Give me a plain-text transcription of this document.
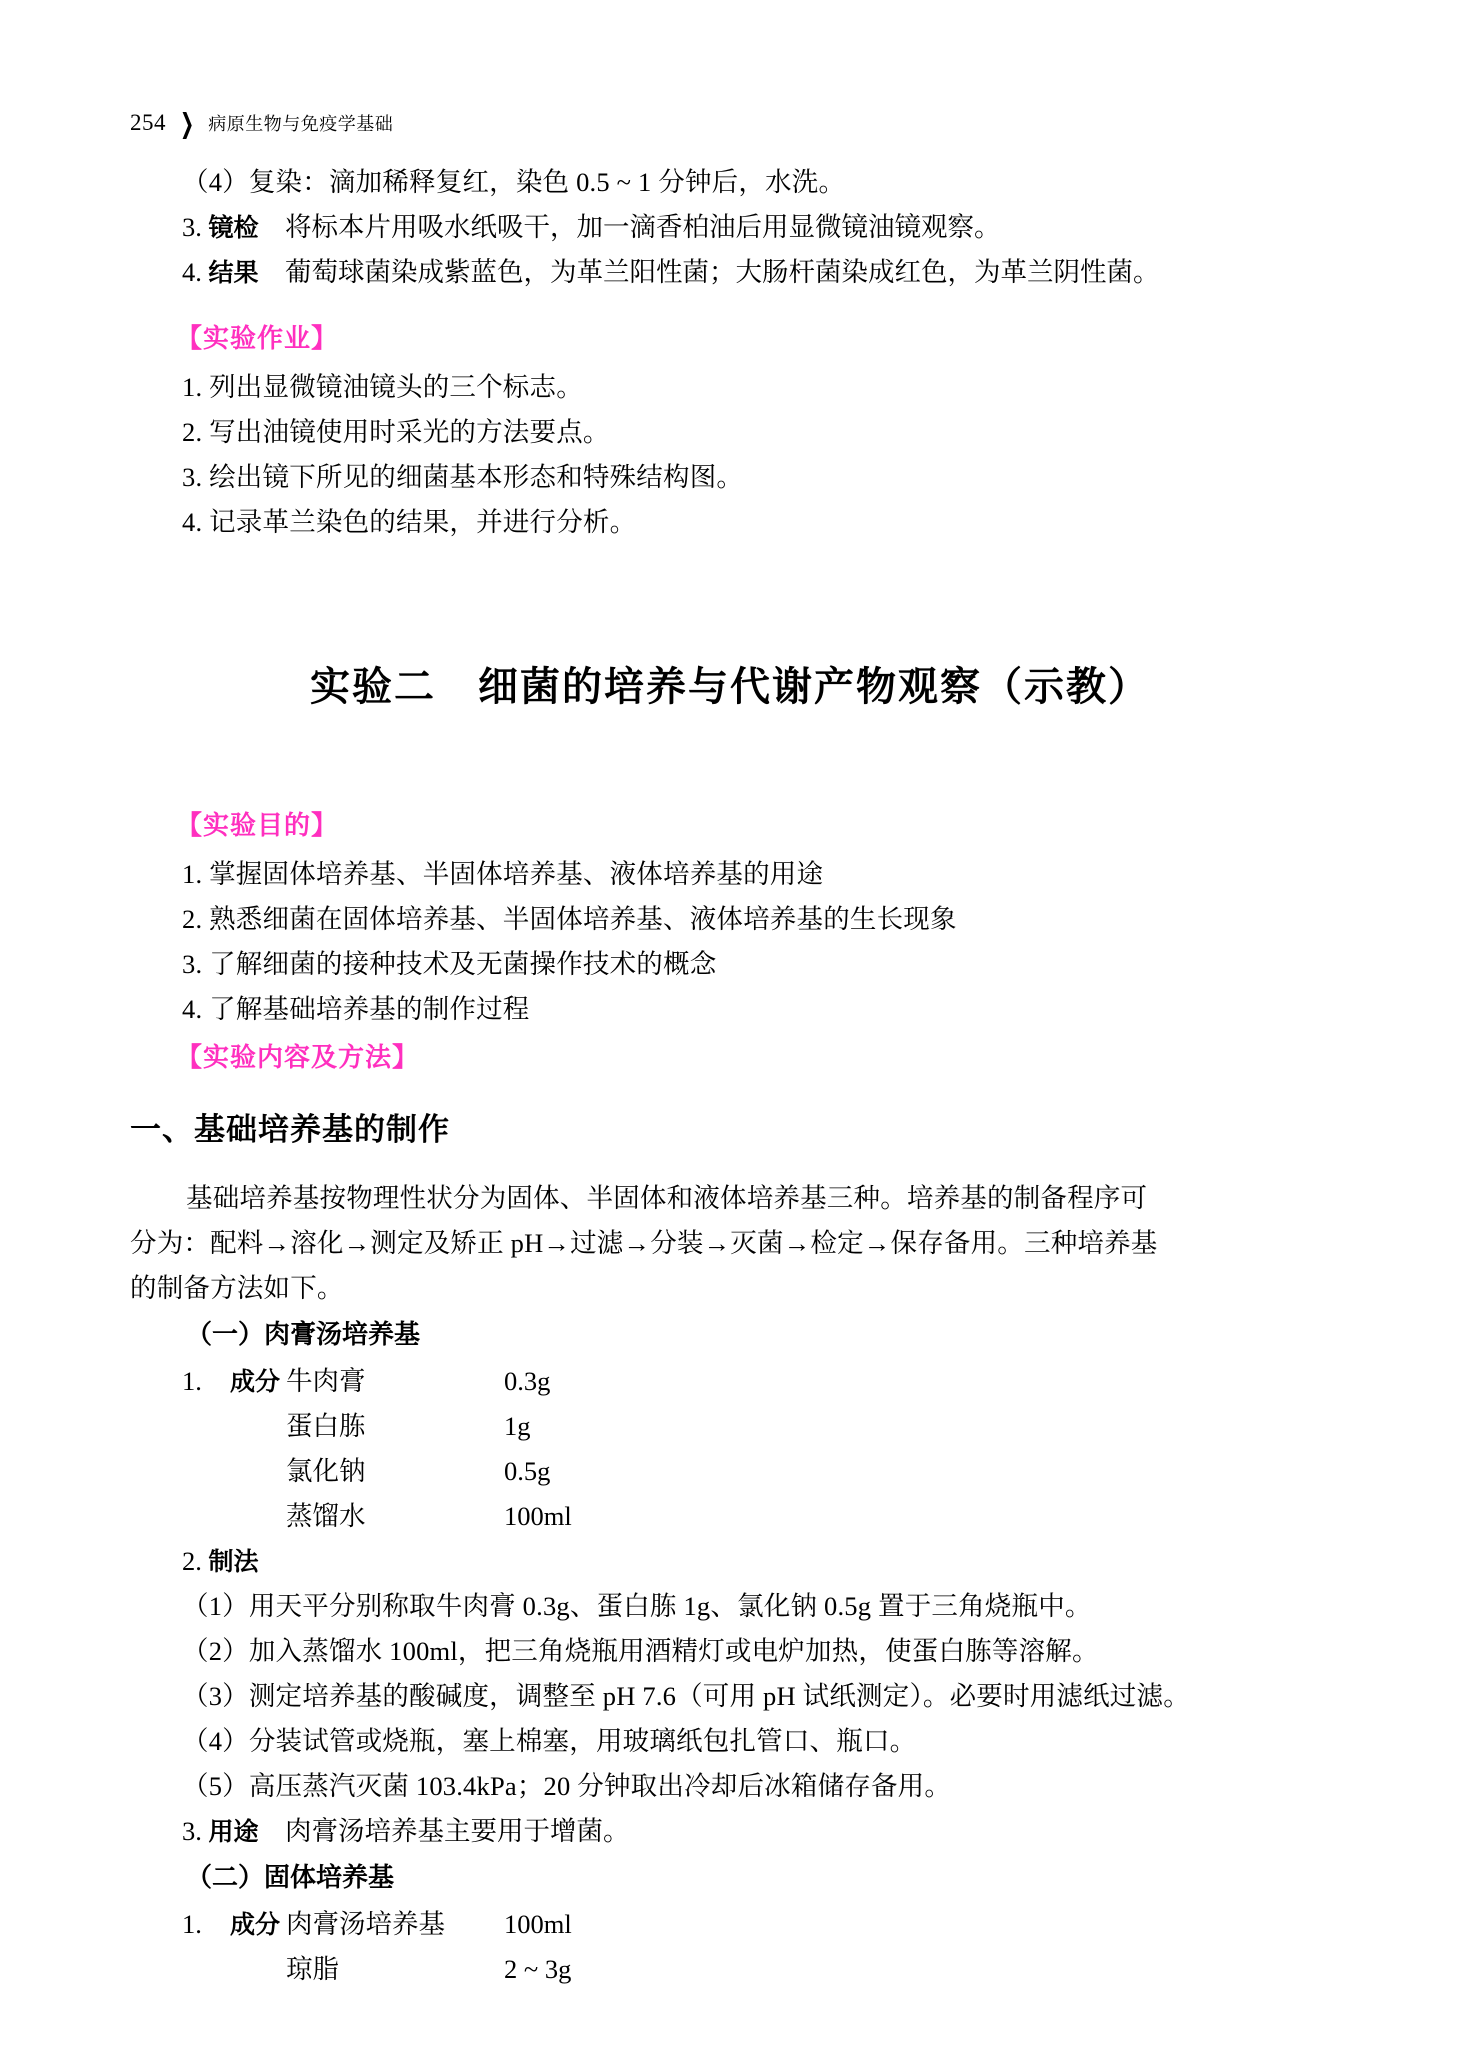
254 ❯ 病原生物与免疫学基础
（4）复染：滴加稀释复红，染色 0.5 ~ 1 分钟后，水洗。
3. 镜检 　将标本片用吸水纸吸干，加一滴香柏油后用显微镜油镜观察。
4. 结果 　葡萄球菌染成紫蓝色，为革兰阳性菌；大肠杆菌染成红色，为革兰阴性菌。
【实验作业】
1. 列出显微镜油镜头的三个标志。
2. 写出油镜使用时采光的方法要点。
3. 绘出镜下所见的细菌基本形态和特殊结构图。
4. 记录革兰染色的结果，并进行分析。
实验二　细菌的培养与代谢产物观察（示教）
【实验目的】
1. 掌握固体培养基、半固体培养基、液体培养基的用途
2. 熟悉细菌在固体培养基、半固体培养基、液体培养基的生长现象
3. 了解细菌的接种技术及无菌操作技术的概念
4. 了解基础培养基的制作过程
【实验内容及方法】
一、基础培养基的制作
基础培养基按物理性状分为固体、半固体和液体培养基三种。培养基的制备程序可
分为：配料→溶化→测定及矫正 pH→过滤→分装→灭菌→检定→保存备用。三种培养基
的制备方法如下。
（一）肉膏汤培养基
1. 成分 牛肉膏	0.3g
蛋白胨	1g
氯化钠	0.5g
蒸馏水	100ml
2. 制法
（1）用天平分别称取牛肉膏 0.3g、蛋白胨 1g、氯化钠 0.5g 置于三角烧瓶中。
（2）加入蒸馏水 100ml，把三角烧瓶用酒精灯或电炉加热，使蛋白胨等溶解。
（3）测定培养基的酸碱度，调整至 pH 7.6（可用 pH 试纸测定）。必要时用滤纸过滤。
（4）分装试管或烧瓶，塞上棉塞，用玻璃纸包扎管口、瓶口。
（5）高压蒸汽灭菌 103.4kPa；20 分钟取出冷却后冰箱储存备用。
3. 用途 　肉膏汤培养基主要用于增菌。
（二）固体培养基
1. 成分 肉膏汤培养基	100ml
琼脂	2 ~ 3g
